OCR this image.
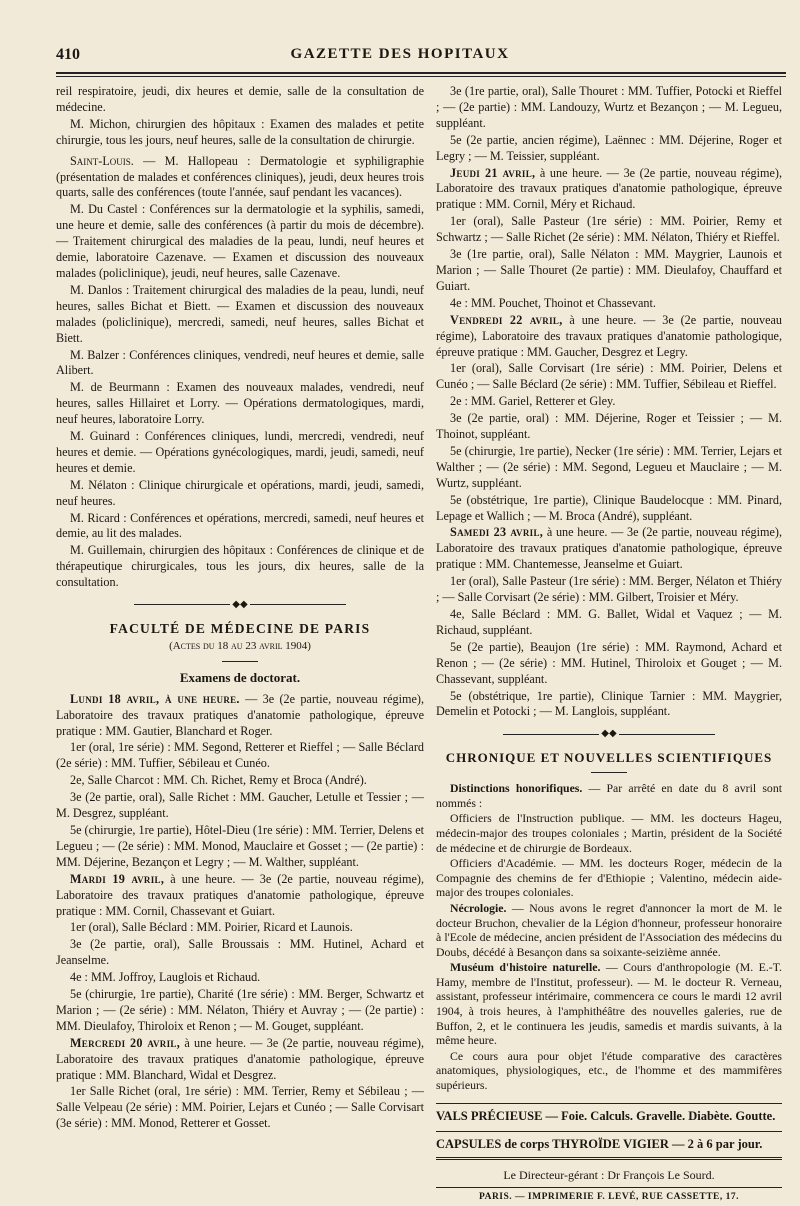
410	GAZETTE DES HOPITAUX

reil respiratoire, jeudi, dix heures et demie, salle de la consultation de médecine.

M. Michon, chirurgien des hôpitaux : Examen des malades et petite chirurgie, tous les jours, neuf heures, salle de la consultation de chirurgie.

Saint-Louis. — M. Hallopeau : Dermatologie et syphiligraphie (présentation de malades et conférences cliniques), jeudi, deux heures trois quarts, salle des conférences (toute l'année, sauf pendant les vacances).

M. Du Castel : Conférences sur la dermatologie et la syphilis, samedi, une heure et demie, salle des conférences (à partir du mois de décembre). — Traitement chirurgical des maladies de la peau, lundi, neuf heures et demie, laboratoire Cazenave. — Examen et discussion des nouveaux malades (policlinique), jeudi, neuf heures, salle Cazenave.

M. Danlos : Traitement chirurgical des maladies de la peau, lundi, neuf heures, salles Bichat et Biett. — Examen et discussion des nouveaux malades (policlinique), mercredi, samedi, neuf heures, salles Bichat et Biett.

M. Balzer : Conférences cliniques, vendredi, neuf heures et demie, salle Alibert.

M. de Beurmann : Examen des nouveaux malades, vendredi, neuf heures, salles Hillairet et Lorry. — Opérations dermatologiques, mardi, neuf heures, laboratoire Lorry.

M. Guinard : Conférences cliniques, lundi, mercredi, vendredi, neuf heures et demie. — Opérations gynécologiques, mardi, jeudi, samedi, neuf heures et demie.

M. Nélaton : Clinique chirurgicale et opérations, mardi, jeudi, samedi, neuf heures.

M. Ricard : Conférences et opérations, mercredi, samedi, neuf heures et demie, au lit des malades.

M. Guillemain, chirurgien des hôpitaux : Conférences de clinique et de thérapeutique chirurgicales, tous les jours, dix heures, salle de la consultation.

◆◆
FACULTÉ DE MÉDECINE DE PARIS
(Actes du 18 au 23 avril 1904)
Examens de doctorat.

Lundi 18 avril, à une heure. — 3e (2e partie, nouveau régime), Laboratoire des travaux pratiques d'anatomie pathologique, épreuve pratique : MM. Gautier, Blanchard et Roger.

1er (oral, 1re série) : MM. Segond, Retterer et Rieffel ; — Salle Béclard (2e série) : MM. Tuffier, Sébileau et Cunéo.

2e, Salle Charcot : MM. Ch. Richet, Remy et Broca (André).

3e (2e partie, oral), Salle Richet : MM. Gaucher, Letulle et Tessier ; — M. Desgrez, suppléant.

5e (chirurgie, 1re partie), Hôtel-Dieu (1re série) : MM. Terrier, Delens et Legueu ; — (2e série) : MM. Monod, Mauclaire et Gosset ; — (2e partie) : MM. Déjerine, Bezançon et Legry ; — M. Walther, suppléant.

Mardi 19 avril, à une heure. — 3e (2e partie, nouveau régime), Laboratoire des travaux pratiques d'anatomie pathologique, épreuve pratique : MM. Cornil, Chassevant et Guiart.

1er (oral), Salle Béclard : MM. Poirier, Ricard et Launois.

3e (2e partie, oral), Salle Broussais : MM. Hutinel, Achard et Jeanselme.

4e : MM. Joffroy, Lauglois et Richaud.

5e (chirurgie, 1re partie), Charité (1re série) : MM. Berger, Schwartz et Marion ; — (2e série) : MM. Nélaton, Thiéry et Auvray ; — (2e partie) : MM. Dieulafoy, Thiroloix et Renon ; — M. Gouget, suppléant.

Mercredi 20 avril, à une heure. — 3e (2e partie, nouveau régime), Laboratoire des travaux pratiques d'anatomie pathologique, épreuve pratique : MM. Blanchard, Widal et Desgrez.

1er Salle Richet (oral, 1re série) : MM. Terrier, Remy et Sébileau ; — Salle Velpeau (2e série) : MM. Poirier, Lejars et Cunéo ; — Salle Corvisart (3e série) : MM. Monod, Retterer et Gosset.

3e (1re partie, oral), Salle Thouret : MM. Tuffier, Potocki et Rieffel ; — (2e partie) : MM. Landouzy, Wurtz et Bezançon ; — M. Legueu, suppléant.

5e (2e partie, ancien régime), Laënnec : MM. Déjerine, Roger et Legry ; — M. Teissier, suppléant.

Jeudi 21 avril, à une heure. — 3e (2e partie, nouveau régime), Laboratoire des travaux pratiques d'anatomie pathologique, épreuve pratique : MM. Cornil, Méry et Richaud.

1er (oral), Salle Pasteur (1re série) : MM. Poirier, Remy et Schwartz ; — Salle Richet (2e série) : MM. Nélaton, Thiéry et Rieffel.

3e (1re partie, oral), Salle Nélaton : MM. Maygrier, Launois et Marion ; — Salle Thouret (2e partie) : MM. Dieulafoy, Chauffard et Guiart.

4e : MM. Pouchet, Thoinot et Chassevant.

Vendredi 22 avril, à une heure. — 3e (2e partie, nouveau régime), Laboratoire des travaux pratiques d'anatomie pathologique, épreuve pratique : MM. Gaucher, Desgrez et Legry.

1er (oral), Salle Corvisart (1re série) : MM. Poirier, Delens et Cunéo ; — Salle Béclard (2e série) : MM. Tuffier, Sébileau et Rieffel.

2e : MM. Gariel, Retterer et Gley.

3e (2e partie, oral) : MM. Déjerine, Roger et Teissier ; — M. Thoinot, suppléant.

5e (chirurgie, 1re partie), Necker (1re série) : MM. Terrier, Lejars et Walther ; — (2e série) : MM. Segond, Legueu et Mauclaire ; — M. Wurtz, suppléant.

5e (obstétrique, 1re partie), Clinique Baudelocque : MM. Pinard, Lepage et Wallich ; — M. Broca (André), suppléant.

Samedi 23 avril, à une heure. — 3e (2e partie, nouveau régime), Laboratoire des travaux pratiques d'anatomie pathologique, épreuve pratique : MM. Chantemesse, Jeanselme et Guiart.

1er (oral), Salle Pasteur (1re série) : MM. Berger, Nélaton et Thiéry ; — Salle Corvisart (2e série) : MM. Gilbert, Troisier et Méry.

4e, Salle Béclard : MM. G. Ballet, Widal et Vaquez ; — M. Richaud, suppléant.

5e (2e partie), Beaujon (1re série) : MM. Raymond, Achard et Renon ; — (2e série) : MM. Hutinel, Thiroloix et Gouget ; — M. Chassevant, suppléant.

5e (obstétrique, 1re partie), Clinique Tarnier : MM. Maygrier, Demelin et Potocki ; — M. Langlois, suppléant.

◆◆
CHRONIQUE ET NOUVELLES SCIENTIFIQUES

Distinctions honorifiques. — Par arrêté en date du 8 avril sont nommés :

Officiers de l'Instruction publique. — MM. les docteurs Hageu, médecin-major des troupes coloniales ; Martin, président de la Société de médecine et de chirurgie de Bordeaux.

Officiers d'Académie. — MM. les docteurs Roger, médecin de la Compagnie des chemins de fer d'Ethiopie ; Valentino, médecin aide-major des troupes coloniales.

Nécrologie. — Nous avons le regret d'annoncer la mort de M. le docteur Bruchon, chevalier de la Légion d'honneur, professeur honoraire à l'Ecole de médecine, ancien président de l'Association des médecins du Doubs, décédé à Besançon dans sa soixante-seizième année.

Muséum d'histoire naturelle. — Cours d'anthropologie (M. E.-T. Hamy, membre de l'Institut, professeur). — M. le docteur R. Verneau, assistant, professeur intérimaire, commencera ce cours le mardi 12 avril 1904, à trois heures, à l'amphithéâtre des nouvelles galeries, rue de Buffon, 2, et le continuera les jeudis, samedis et mardis suivants, à la même heure.

Ce cours aura pour objet l'étude comparative des caractères anatomiques, physiologiques, etc., de l'homme et des mammifères supérieurs.

VALS PRÉCIEUSE — Foie. Calculs. Gravelle. Diabète. Goutte.
CAPSULES de corps THYROÏDE VIGIER — 2 à 6 par jour.
Le Directeur-gérant : Dr François Le Sourd.
PARIS. — IMPRIMERIE F. LEVÉ, RUE CASSETTE, 17.
